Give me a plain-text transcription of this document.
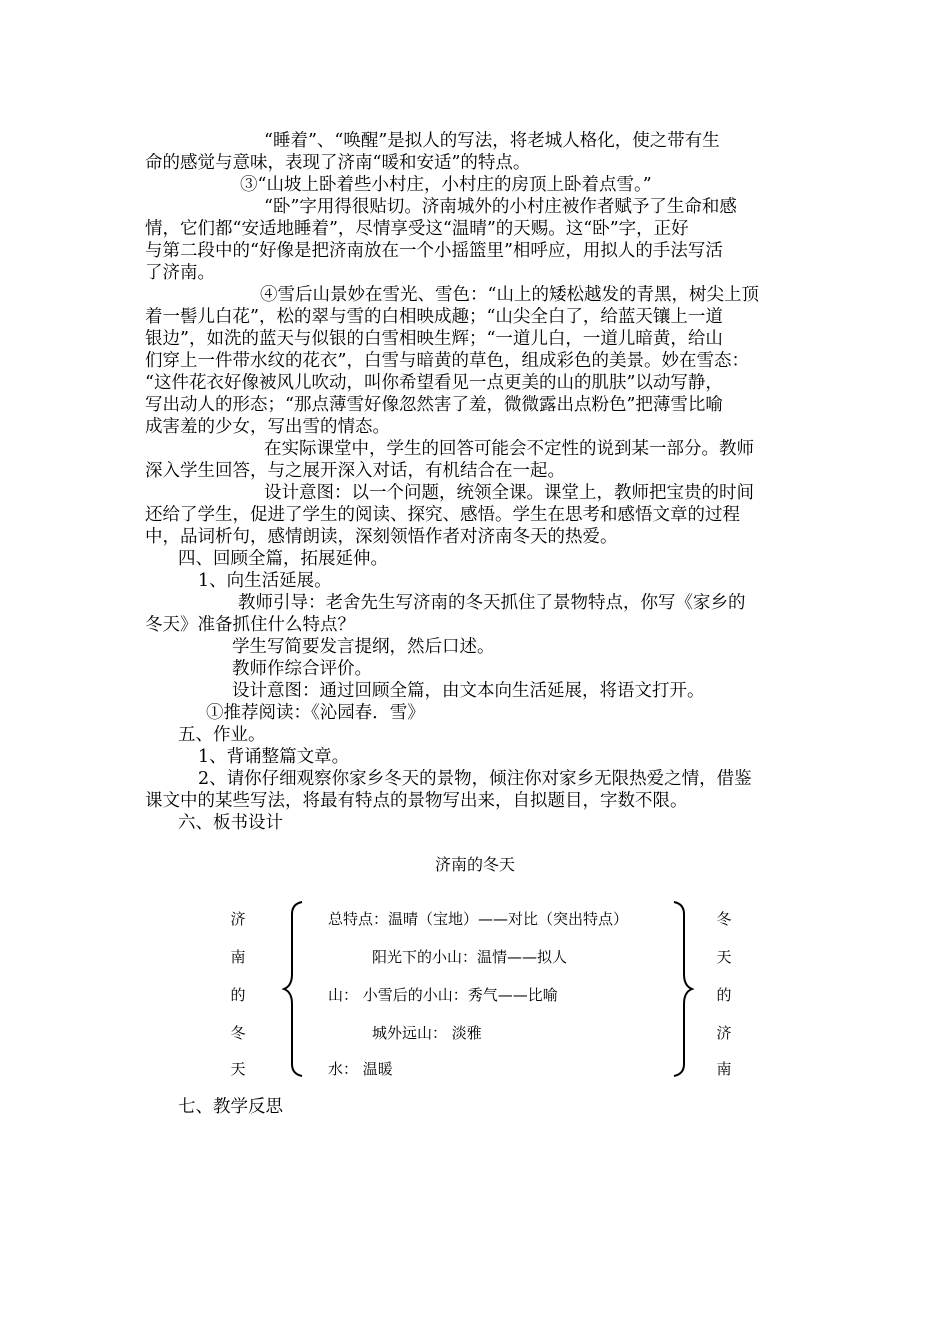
“睡着”、“唤醒”是拟人的写法，将老城人格化，使之带有生
命的感觉与意味，表现了济南“暖和安适”的特点。
③“山坡上卧着些小村庄，小村庄的房顶上卧着点雪。”
“卧”字用得很贴切。济南城外的小村庄被作者赋予了生命和感
情，它们都“安适地睡着”，尽情享受这“温晴”的天赐。这“卧”字，正好
与第二段中的“好像是把济南放在一个小摇篮里”相呼应，用拟人的手法写活
了济南。
④雪后山景妙在雪光、雪色：“山上的矮松越发的青黑，树尖上顶
着一髻儿白花”，松的翠与雪的白相映成趣；“山尖全白了，给蓝天镶上一道
银边”，如洗的蓝天与似银的白雪相映生辉；“一道儿白，一道儿暗黄，给山
们穿上一件带水纹的花衣”，白雪与暗黄的草色，组成彩色的美景。妙在雪态：
“这件花衣好像被风儿吹动，叫你希望看见一点更美的山的肌肤”以动写静，
写出动人的形态；“那点薄雪好像忽然害了羞，微微露出点粉色”把薄雪比喻
成害羞的少女，写出雪的情态。
在实际课堂中，学生的回答可能会不定性的说到某一部分。教师
深入学生回答，与之展开深入对话，有机结合在一起。
设计意图：以一个问题，统领全课。课堂上，教师把宝贵的时间
还给了学生，促进了学生的阅读、探究、感悟。学生在思考和感悟文章的过程
中，品词析句，感情朗读，深刻领悟作者对济南冬天的热爱。
四、回顾全篇，拓展延伸。
1、向生活延展。
教师引导：老舍先生写济南的冬天抓住了景物特点，你写《家乡的
冬天》准备抓住什么特点？
学生写简要发言提纲，然后口述。
教师作综合评价。
设计意图：通过回顾全篇，由文本向生活延展，将语文打开。
①推荐阅读：《沁园春．雪》
五、作业。
1、背诵整篇文章。
2、请你仔细观察你家乡冬天的景物，倾注你对家乡无限热爱之情，借鉴
课文中的某些写法，将最有特点的景物写出来，自拟题目，字数不限。
六、板书设计
济南的冬天
济
南
的
冬
天
总特点：温晴（宝地）——对比（突出特点）
阳光下的小山：温情——拟人
山： 小雪后的小山：秀气——比喻
城外远山： 淡雅
水： 温暖
冬
天
的
济
南
七、教学反思
